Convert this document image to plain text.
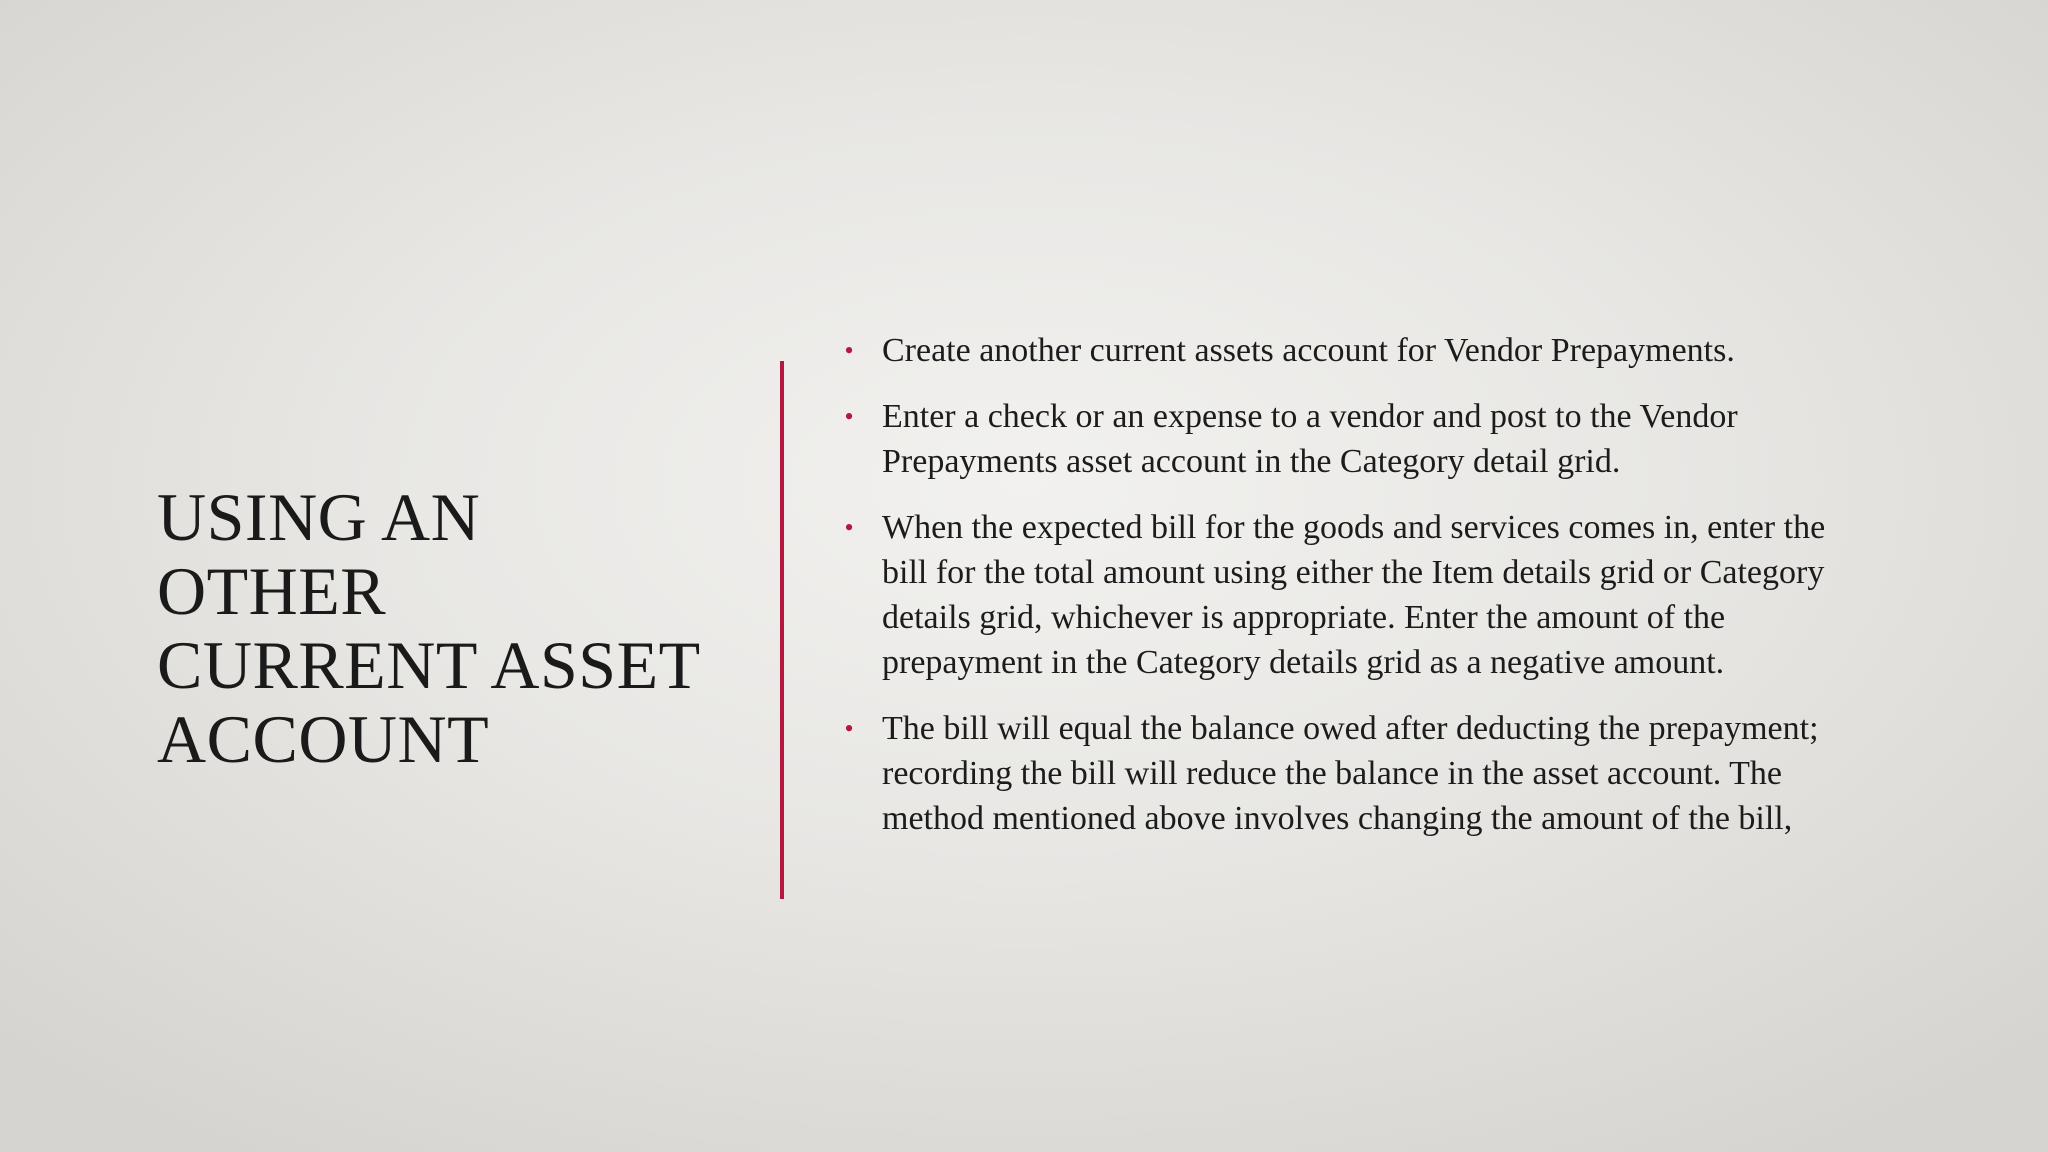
USING AN
OTHER
CURRENT ASSET
ACCOUNT
• Create another current assets account for Vendor Prepayments.
• Enter a check or an expense to a vendor and post to the Vendor Prepayments asset account in the Category detail grid.
• When the expected bill for the goods and services comes in, enter the bill for the total amount using either the Item details grid or Category details grid, whichever is appropriate. Enter the amount of the prepayment in the Category details grid as a negative amount.
• The bill will equal the balance owed after deducting the prepayment; recording the bill will reduce the balance in the asset account. The method mentioned above involves changing the amount of the bill,
